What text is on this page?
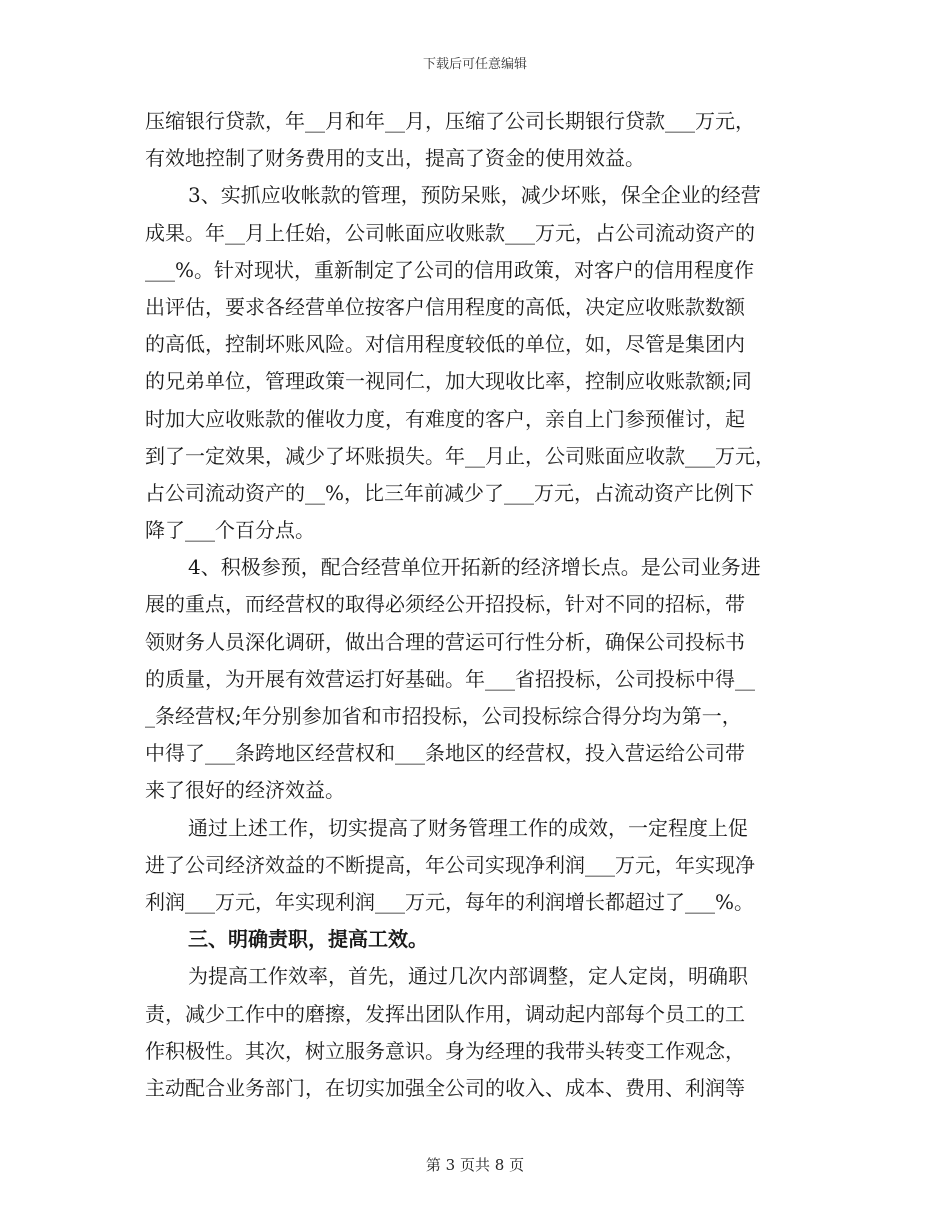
下载后可任意编辑
压缩银行贷款，年__月和年__月，压缩了公司长期银行贷款___万元，
有效地控制了财务费用的支出，提高了资金的使用效益。
3、实抓应收帐款的管理，预防呆账，减少坏账，保全企业的经营
成果。年__月上任始，公司帐面应收账款___万元，占公司流动资产的
___%。针对现状，重新制定了公司的信用政策，对客户的信用程度作
出评估，要求各经营单位按客户信用程度的高低，决定应收账款数额
的高低，控制坏账风险。对信用程度较低的单位，如，尽管是集团内
的兄弟单位，管理政策一视同仁，加大现收比率，控制应收账款额;同
时加大应收账款的催收力度，有难度的客户，亲自上门参预催讨，起
到了一定效果，减少了坏账损失。年__月止，公司账面应收款___万元，
占公司流动资产的__%，比三年前减少了___万元，占流动资产比例下
降了___个百分点。
4、积极参预，配合经营单位开拓新的经济增长点。是公司业务进
展的重点，而经营权的取得必须经公开招投标，针对不同的招标，带
领财务人员深化调研，做出合理的营运可行性分析，确保公司投标书
的质量，为开展有效营运打好基础。年___省招投标，公司投标中得__
_条经营权;年分别参加省和市招投标，公司投标综合得分均为第一，
中得了___条跨地区经营权和___条地区的经营权，投入营运给公司带
来了很好的经济效益。
通过上述工作，切实提高了财务管理工作的成效，一定程度上促
进了公司经济效益的不断提高，年公司实现净利润___万元，年实现净
利润___万元，年实现利润___万元，每年的利润增长都超过了___%。
三、明确责职，提高工效。
为提高工作效率，首先，通过几次内部调整，定人定岗，明确职
责，减少工作中的磨擦，发挥出团队作用，调动起内部每个员工的工
作积极性。其次，树立服务意识。身为经理的我带头转变工作观念，
主动配合业务部门，在切实加强全公司的收入、成本、费用、利润等
第 3 页共 8 页
